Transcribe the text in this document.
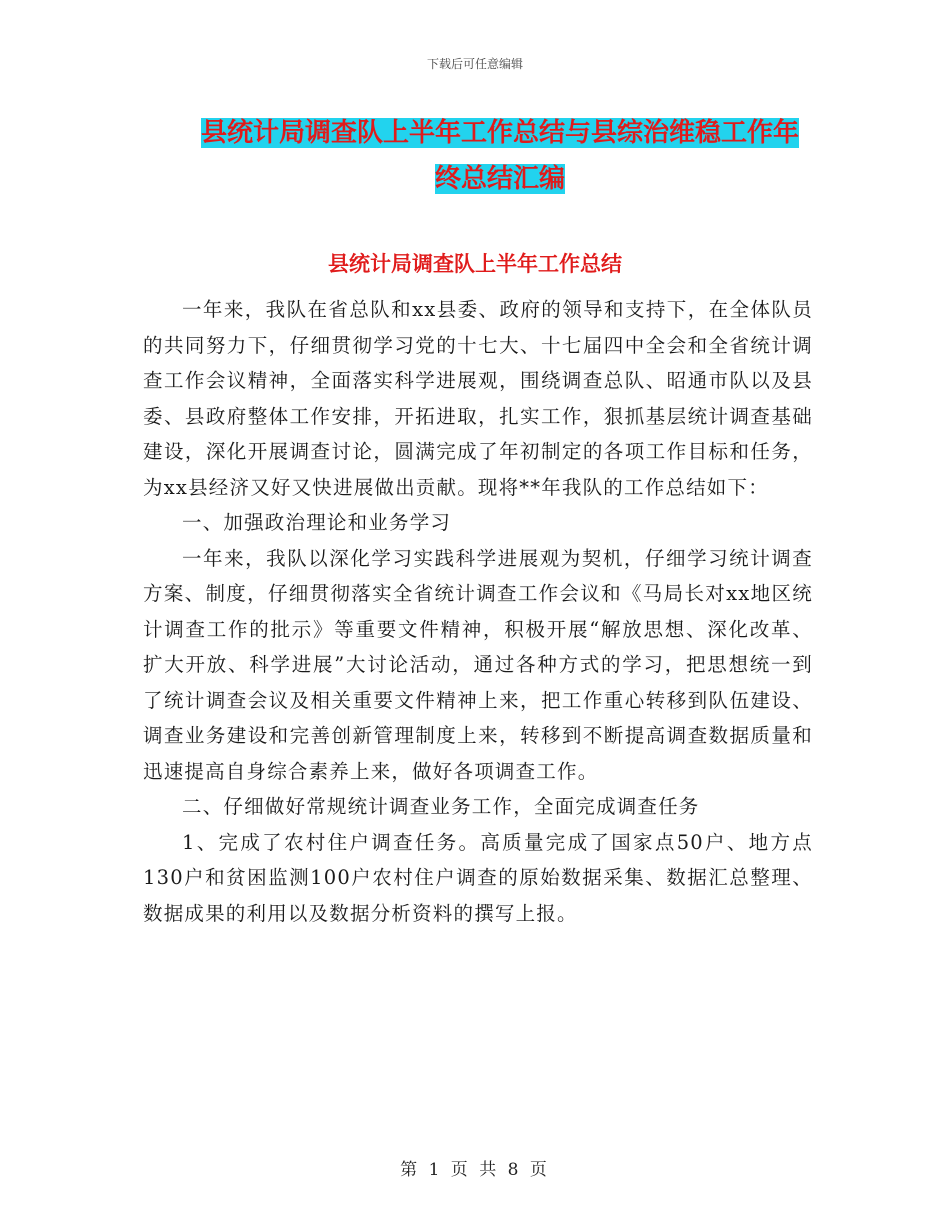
下载后可任意编辑
县统计局调查队上半年工作总结与县综治维稳工作年
终总结汇编
县统计局调查队上半年工作总结

一年来，我队在省总队和xx县委、政府的领导和支持下，在全体队员的共同努力下，仔细贯彻学习党的十七大、十七届四中全会和全省统计调查工作会议精神，全面落实科学进展观，围绕调查总队、昭通市队以及县委、县政府整体工作安排，开拓进取，扎实工作，狠抓基层统计调查基础建设，深化开展调查讨论，圆满完成了年初制定的各项工作目标和任务，为xx县经济又好又快进展做出贡献。现将**年我队的工作总结如下：

一、加强政治理论和业务学习

一年来，我队以深化学习实践科学进展观为契机，仔细学习统计调查方案、制度，仔细贯彻落实全省统计调查工作会议和《马局长对xx地区统计调查工作的批示》等重要文件精神，积极开展“解放思想、深化改革、扩大开放、科学进展”大讨论活动，通过各种方式的学习，把思想统一到了统计调查会议及相关重要文件精神上来，把工作重心转移到队伍建设、调查业务建设和完善创新管理制度上来，转移到不断提高调查数据质量和迅速提高自身综合素养上来，做好各项调查工作。

二、仔细做好常规统计调查业务工作，全面完成调查任务

1、完成了农村住户调查任务。高质量完成了国家点50户、地方点130户和贫困监测100户农村住户调查的原始数据采集、数据汇总整理、数据成果的利用以及数据分析资料的撰写上报。

第 1 页 共 8 页
